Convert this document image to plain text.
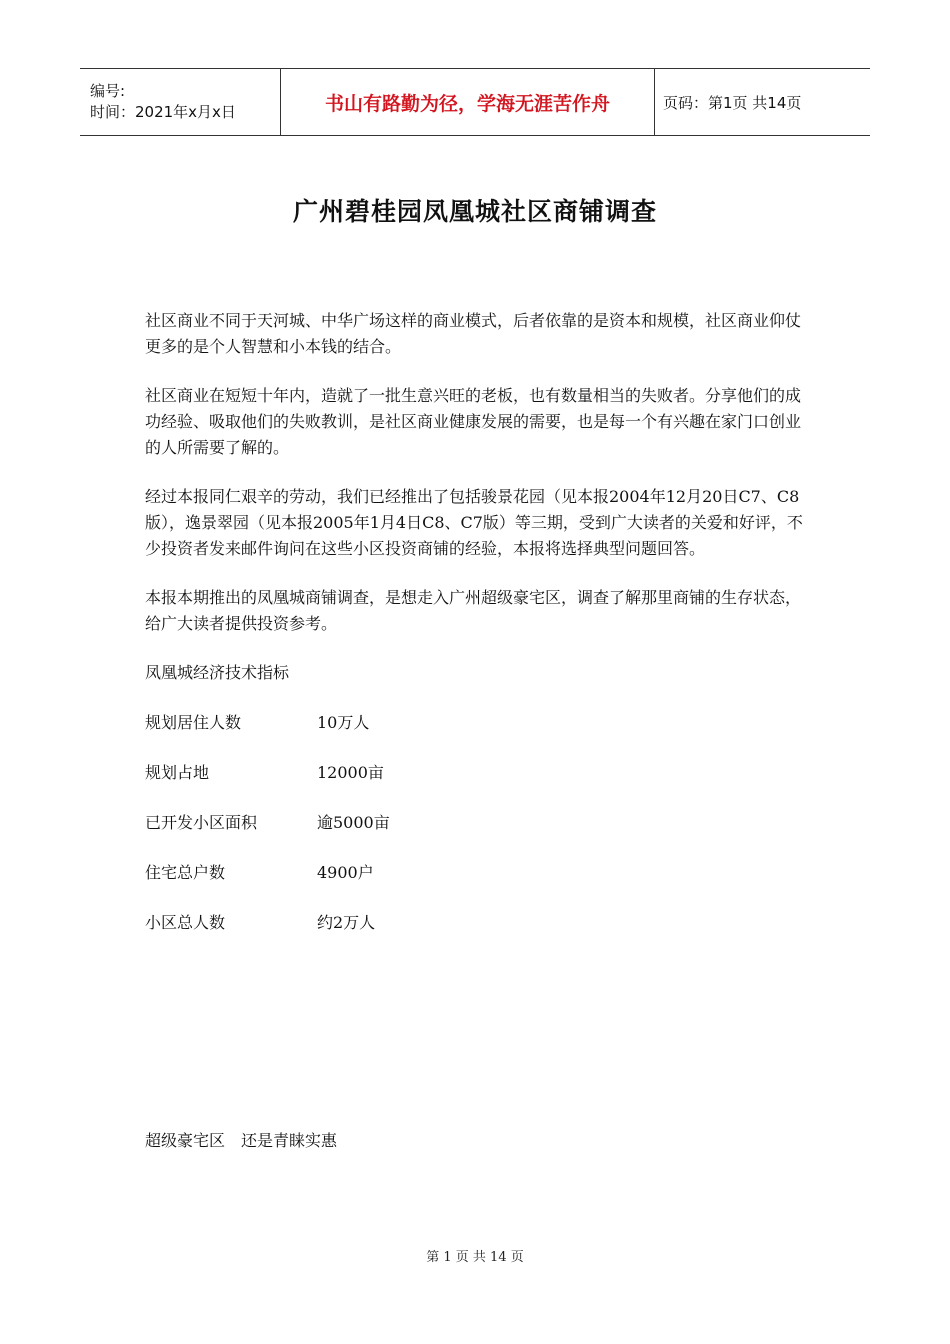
编号:
时间：2021年x月x日	书山有路勤为径，学海无涯苦作舟	页码：第1页 共14页
广州碧桂园凤凰城社区商铺调查

社区商业不同于天河城、中华广场这样的商业模式，后者依靠的是资本和规模，社区商业仰仗更多的是个人智慧和小本钱的结合。

社区商业在短短十年内，造就了一批生意兴旺的老板，也有数量相当的失败者。分享他们的成功经验、吸取他们的失败教训，是社区商业健康发展的需要，也是每一个有兴趣在家门口创业的人所需要了解的。

经过本报同仁艰辛的劳动，我们已经推出了包括骏景花园（见本报2004年12月20日C7、C8版），逸景翠园（见本报2005年1月4日C8、C7版）等三期，受到广大读者的关爱和好评，不少投资者发来邮件询问在这些小区投资商铺的经验，本报将选择典型问题回答。

本报本期推出的凤凰城商铺调查，是想走入广州超级豪宅区，调查了解那里商铺的生存状态，给广大读者提供投资参考。

凤凰城经济技术指标
规划居住人数	10万人
规划占地	12000亩
已开发小区面积	逾5000亩
住宅总户数	4900户
小区总人数	约2万人
超级豪宅区　还是青睐实惠
第 1 页 共 14 页
